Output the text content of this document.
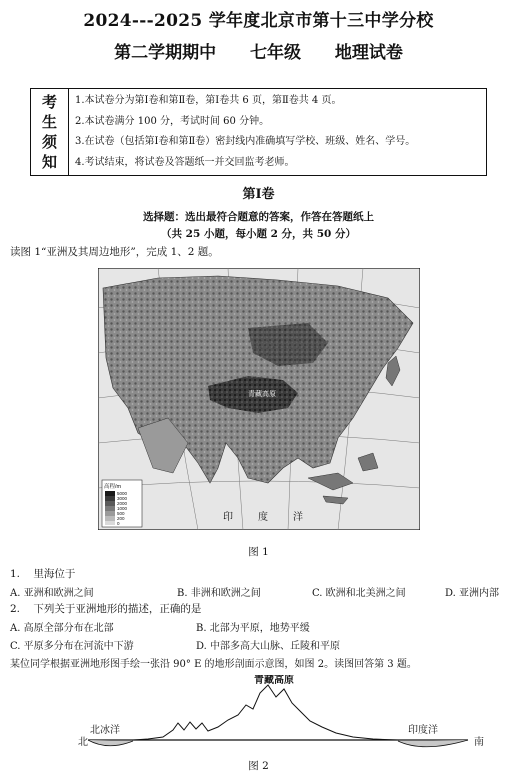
2024---2025 学年度北京市第十三中学分校
第二学期期中 七年级 地理试卷
考
生
须
知
1.本试卷分为第Ⅰ卷和第Ⅱ卷，第Ⅰ卷共 6 页，第Ⅱ卷共 4 页。
2.本试卷满分 100 分，考试时间 60 分钟。
3.在试卷（包括第Ⅰ卷和第Ⅱ卷）密封线内准确填写学校、班级、姓名、学号。
4.考试结束，将试卷及答题纸一并交回监考老师。
第Ⅰ卷
选择题：选出最符合题意的答案，作答在答题纸上
（共 25 小题，每小题 2 分，共 50 分）
读图 1“亚洲及其周边地形”，完成 1、2 题。
高程/m
5000
3000
2000
1000
500
200
0
青藏高原
印	度	洋
图 1
1. 里海位于
A. 亚洲和欧洲之间	B. 非洲和欧洲之间	C. 欧洲和北美洲之间	D. 亚洲内部
2. 下列关于亚洲地形的描述，正确的是
A. 高原全部分布在北部	B. 北部为平原，地势平缓
C. 平原多分布在河流中下游	D. 中部多高大山脉、丘陵和平原
某位同学根据亚洲地形图手绘一张沿 90° E 的地形剖面示意图，如图 2。读图回答第 3 题。
青藏高原
北冰洋	印度洋
北	南
图 2
